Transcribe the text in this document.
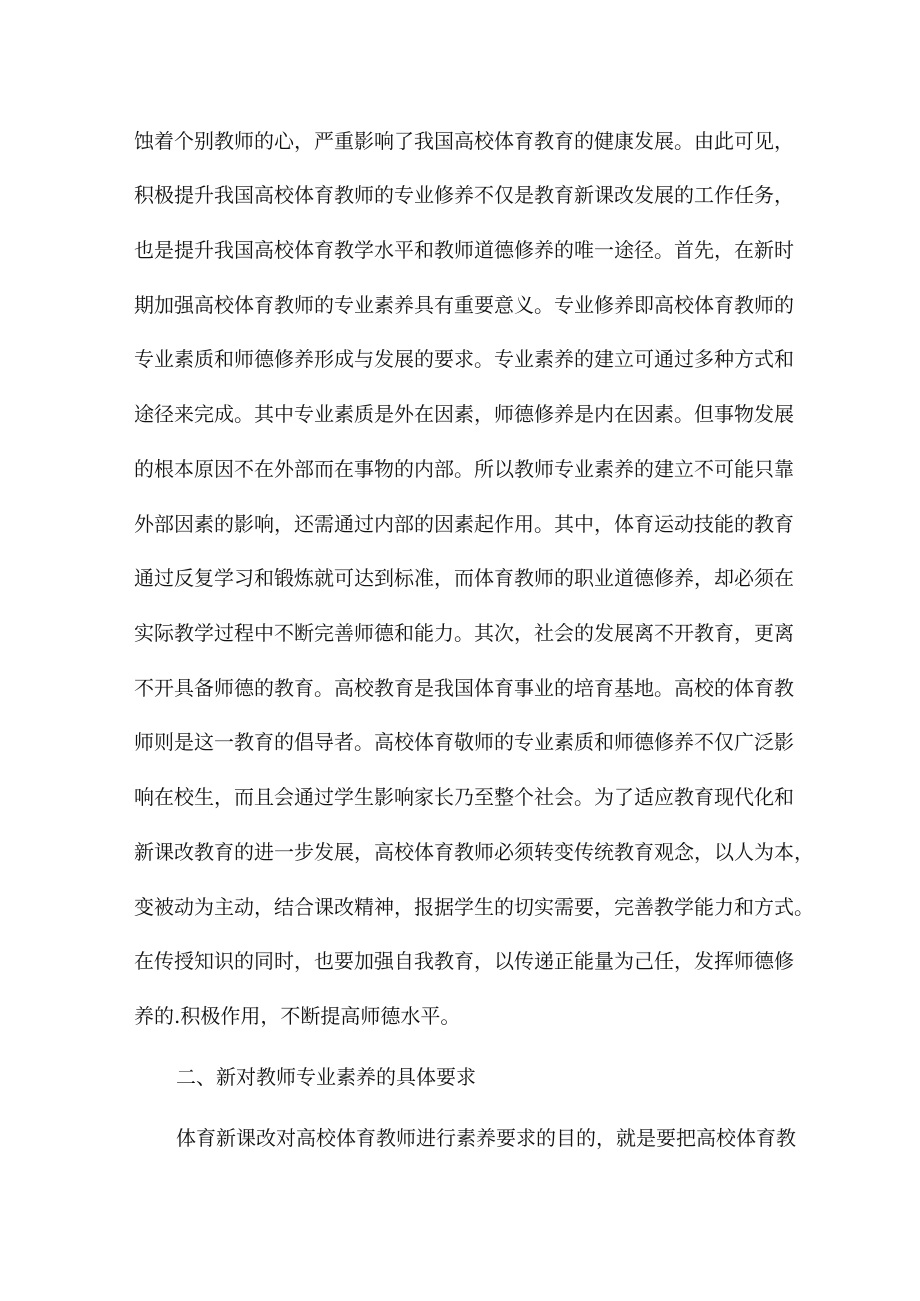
蚀着个别教师的心，严重影响了我国高校体育教育的健康发展。由此可见，
积极提升我国高校体育教师的专业修养不仅是教育新课改发展的工作任务，
也是提升我国高校体育教学水平和教师道德修养的唯一途径。首先，在新时
期加强高校体育教师的专业素养具有重要意义。专业修养即高校体育教师的
专业素质和师德修养形成与发展的要求。专业素养的建立可通过多种方式和
途径来完成。其中专业素质是外在因素，师德修养是内在因素。但事物发展
的根本原因不在外部而在事物的内部。所以教师专业素养的建立不可能只靠
外部因素的影响，还需通过内部的因素起作用。其中，体育运动技能的教育
通过反复学习和锻炼就可达到标准，而体育教师的职业道德修养，却必须在
实际教学过程中不断完善师德和能力。其次，社会的发展离不开教育，更离
不开具备师德的教育。高校教育是我国体育事业的培育基地。高校的体育教
师则是这一教育的倡导者。高校体育敬师的专业素质和师德修养不仅广泛影
响在校生，而且会通过学生影响家长乃至整个社会。为了适应教育现代化和
新课改教育的进一步发展，高校体育教师必须转变传统教育观念，以人为本，
变被动为主动，结合课改精神，报据学生的切实需要，完善教学能力和方式。
在传授知识的同时，也要加强自我教育，以传递正能量为己任，发挥师德修
养的.积极作用，不断提高师德水平。
二、新对教师专业素养的具体要求
体育新课改对高校体育教师进行素养要求的目的，就是要把高校体育教
